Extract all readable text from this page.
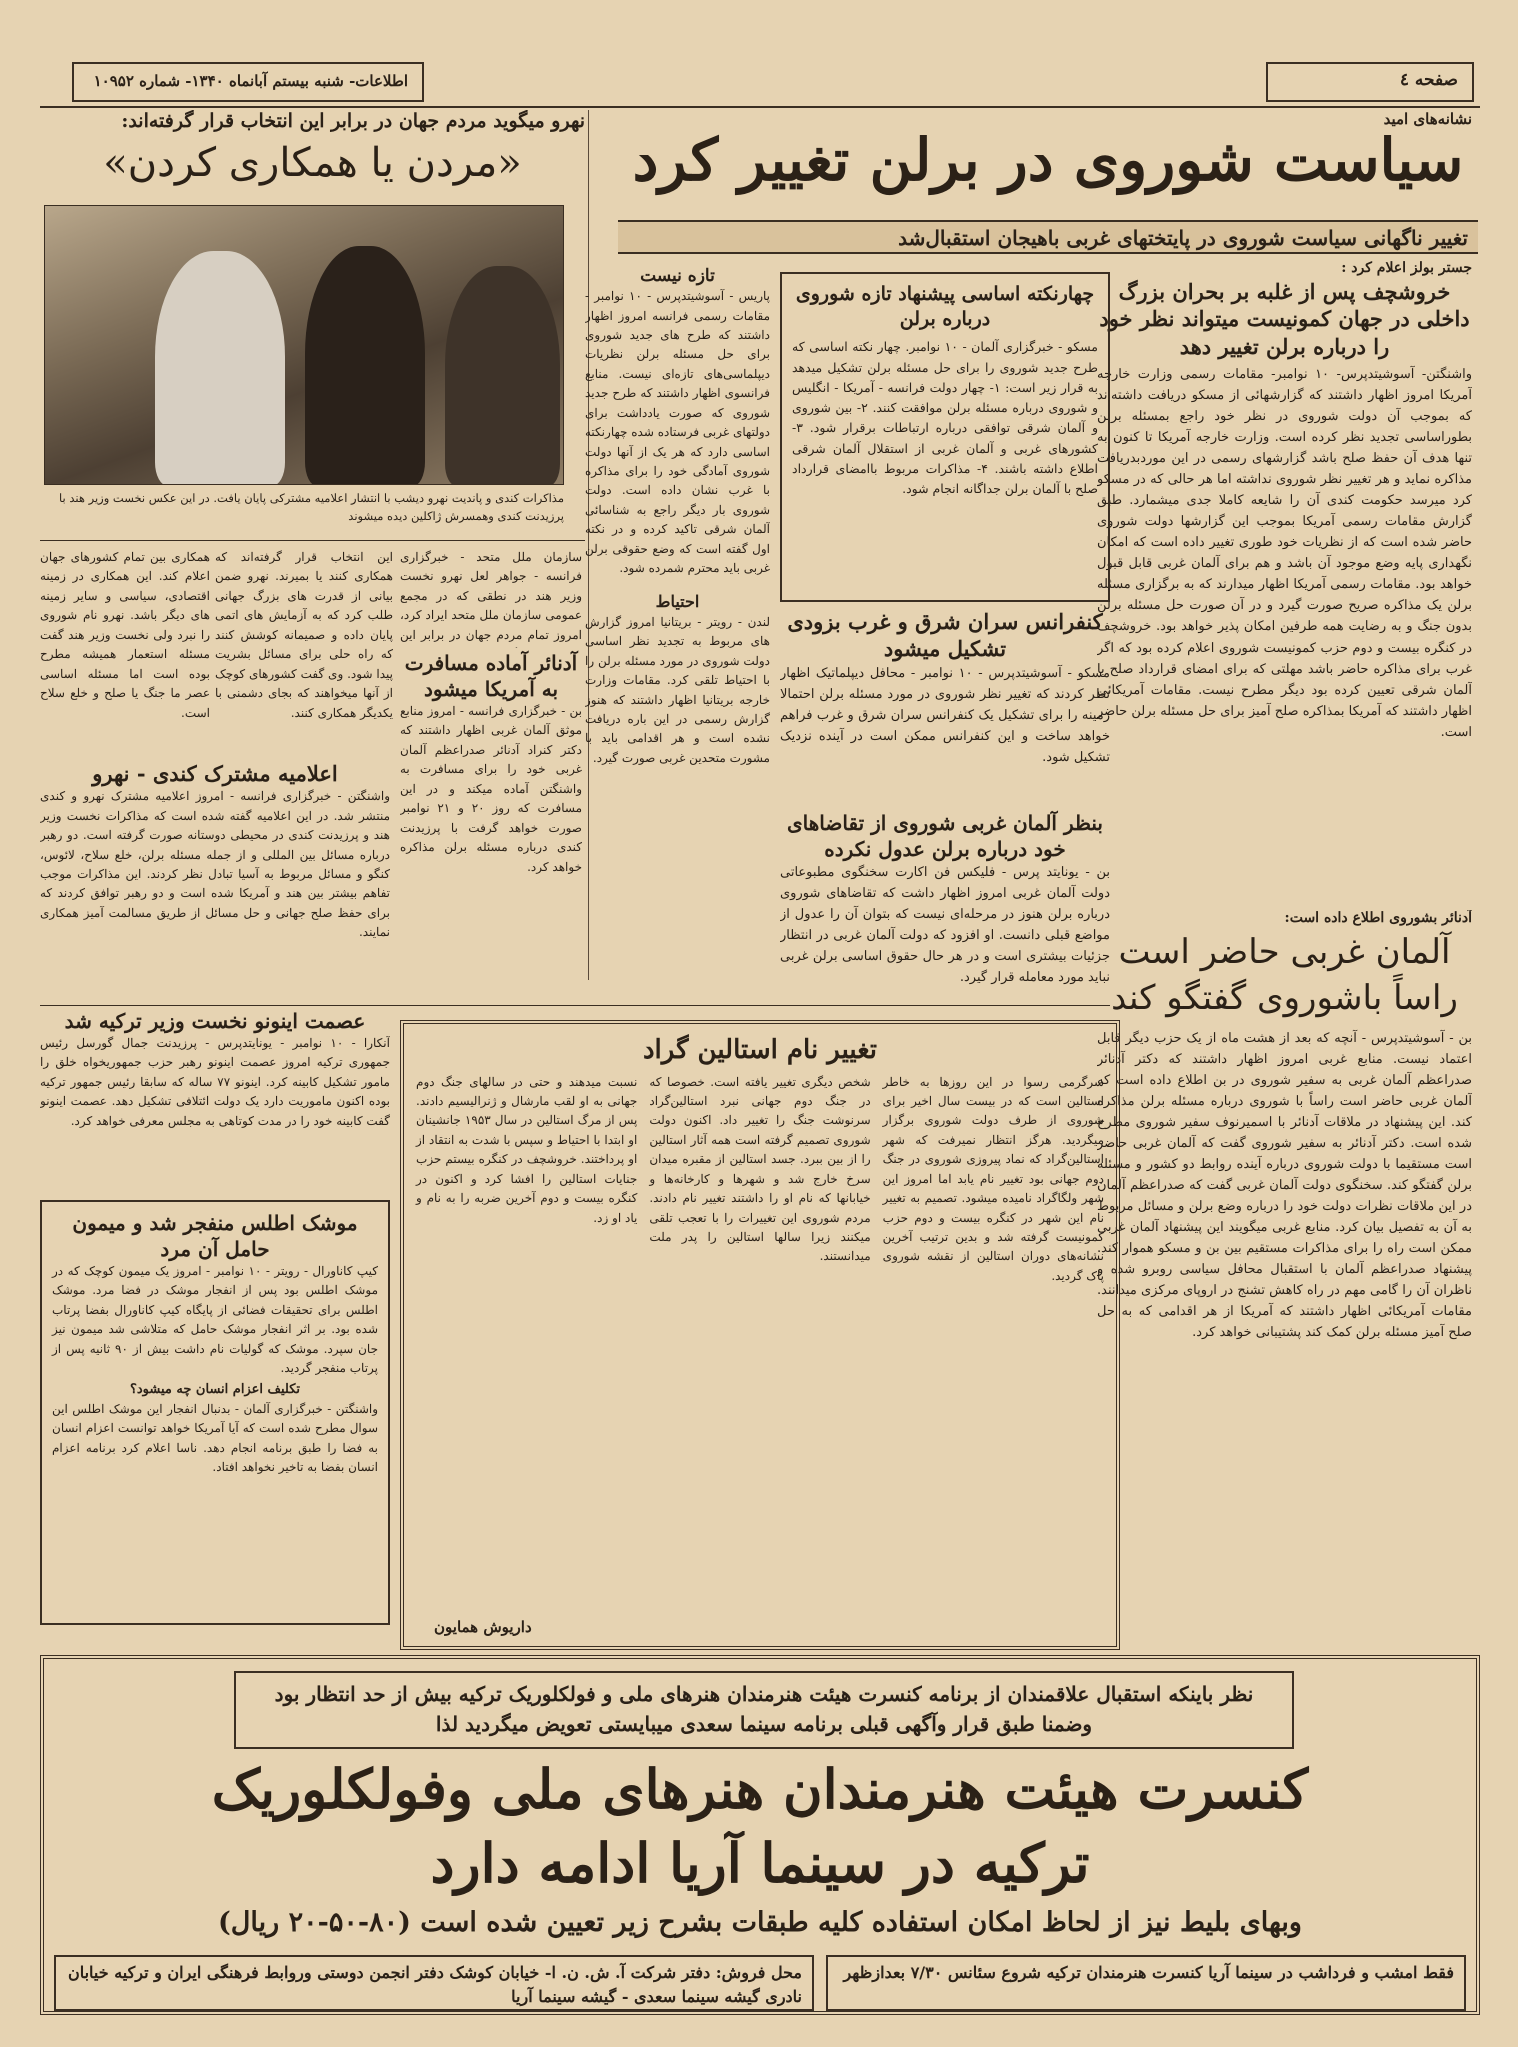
صفحه ٤
اطلاعات- شنبه بیستم آبانماه ۱۳۴۰- شماره ۱۰۹۵۲
نشانه‌های امید
سیاست شوروی در برلن تغییر کرد
تغییر ناگهانی سیاست شوروی در پایتختهای غربی باهیجان استقبال‌شد
جستر بولز اعلام کرد :
خروشچف پس از غلبه بر بحران بزرگ داخلی در جهان کمونیست میتواند نظر خود را درباره برلن تغییر دهد
واشنگتن- آسوشیتدپرس- ۱۰ نوامبر- مقامات رسمی وزارت خارجه آمریکا امروز اظهار داشتند که گزارشهائی از مسکو دریافت داشته‌اند که بموجب آن دولت شوروی در نظر خود راجع بمسئله برلن بطوراساسی تجدید نظر کرده است. وزارت خارجه آمریکا تا کنون به تنها هدف آن حفظ صلح باشد گزارشهای رسمی در این موردبدریافت مذاکره نماید و هر تغییر نظر شوروی نداشته اما هر حالی که در مسکو کرد میرسد حکومت کندی آن را شایعه کاملا جدی میشمارد. طبق گزارش مقامات رسمی آمریکا بموجب این گزارشها دولت شوروی حاضر شده است که از نظریات خود طوری تغییر داده است که امکان نگهداری پایه وضع موجود آن باشد و هم برای آلمان غربی قابل قبول خواهد بود. مقامات رسمی آمریکا اظهار میدارند که به برگزاری مسئله برلن یک مذاکره صریح صورت گیرد و در آن صورت حل مسئله برلن بدون جنگ و به رضایت همه طرفین امکان پذیر خواهد بود. خروشچف در کنگره بیست و دوم حزب کمونیست شوروی اعلام کرده بود که اگر غرب برای مذاکره حاضر باشد مهلتی که برای امضای قرارداد صلح با آلمان شرقی تعیین کرده بود دیگر مطرح نیست. مقامات آمریکائی اظهار داشتند که آمریکا بمذاکره صلح آمیز برای حل مسئله برلن حاضر است.
چهارنکته اساسی پیشنهاد تازه شوروی درباره برلن
مسکو - خبرگزاری آلمان - ۱۰ نوامبر. چهار نکته اساسی که طرح جدید شوروی را برای حل مسئله برلن تشکیل میدهد به قرار زیر است: ۱- چهار دولت فرانسه - آمریکا - انگلیس و شوروی درباره مسئله برلن موافقت کنند. ۲- بین شوروی و آلمان شرقی توافقی درباره ارتباطات برقرار شود. ۳- کشورهای غربی و آلمان غربی از استقلال آلمان شرقی اطلاع داشته باشند. ۴- مذاکرات مربوط باامضای قرارداد صلح با آلمان برلن جداگانه انجام شود.
تازه نیست
پاریس - آسوشیتدپرس - ۱۰ نوامبر - مقامات رسمی فرانسه امروز اظهار داشتند که طرح های جدید شوروی برای حل مسئله برلن نظریات دیپلماسی‌های تازه‌ای نیست. منابع فرانسوی اظهار داشتند که طرح جدید شوروی که صورت یادداشت برای دولتهای غربی فرستاده شده چهارنکته اساسی دارد که هر یک از آنها دولت شوروی آمادگی خود را برای مذاکره با غرب نشان داده است. دولت شوروی بار دیگر راجع به شناسائی آلمان شرقی تاکید کرده و در نکته اول گفته است که وضع حقوقی برلن غربی باید محترم شمرده شود.
کنفرانس سران شرق و غرب بزودی تشکیل میشود
مسکو - آسوشیتدپرس - ۱۰ نوامبر - محافل دیپلماتیک اظهار نظر کردند که تغییر نظر شوروی در مورد مسئله برلن احتمالا زمینه را برای تشکیل یک کنفرانس سران شرق و غرب فراهم خواهد ساخت و این کنفرانس ممکن است در آینده نزدیک تشکیل شود.
احتیاط
لندن - رویتر - بریتانیا امروز گزارش های مربوط به تجدید نظر اساسی دولت شوروی در مورد مسئله برلن را با احتیاط تلقی کرد. مقامات وزارت خارجه بریتانیا اظهار داشتند که هنوز گزارش رسمی در این باره دریافت نشده است و هر اقدامی باید با مشورت متحدین غربی صورت گیرد.
بنظر آلمان غربی شوروی از تقاضاهای خود درباره برلن عدول نکرده
بن - یونایتد پرس - فلیکس فن اکارت سخنگوی مطبوعاتی دولت آلمان غربی امروز اظهار داشت که تقاضاهای شوروی درباره برلن هنوز در مرحله‌ای نیست که بتوان آن را عدول از مواضع قبلی دانست. او افزود که دولت آلمان غربی در انتظار جزئیات بیشتری است و در هر حال حقوق اساسی برلن غربی نباید مورد معامله قرار گیرد.
آدنائر آماده مسافرت به آمریکا میشود
بن - خبرگزاری فرانسه - امروز منابع موثق آلمان غربی اظهار داشتند که دکتر کنراد آدنائر صدراعظم آلمان غربی خود را برای مسافرت به واشنگتن آماده میکند و در این مسافرت که روز ۲۰ و ۲۱ نوامبر صورت خواهد گرفت با پرزیدنت کندی درباره مسئله برلن مذاکره خواهد کرد.
آدنائر بشوروی اطلاع داده است:
آلمان غربی حاضر است راساً باشوروی گفتگو کند
بن - آسوشیتدپرس - آنچه که بعد از هشت ماه از یک حزب دیگر قابل اعتماد نیست. منابع غربی امروز اظهار داشتند که دکتر آدنائر صدراعظم آلمان غربی به سفیر شوروی در بن اطلاع داده است که آلمان غربی حاضر است راساً با شوروی درباره مسئله برلن مذاکره کند. این پیشنهاد در ملاقات آدنائر با اسمیرنوف سفیر شوروی مطرح شده است. دکتر آدنائر به سفیر شوروی گفت که آلمان غربی حاضر است مستقیما با دولت شوروی درباره آینده روابط دو کشور و مسئله برلن گفتگو کند. سخنگوی دولت آلمان غربی گفت که صدراعظم آلمان در این ملاقات نظرات دولت خود را درباره وضع برلن و مسائل مربوط به آن به تفصیل بیان کرد. منابع غربی میگویند این پیشنهاد آلمان غربی ممکن است راه را برای مذاکرات مستقیم بین بن و مسکو هموار کند. پیشنهاد صدراعظم آلمان با استقبال محافل سیاسی روبرو شده و ناظران آن را گامی مهم در راه کاهش تشنج در اروپای مرکزی میدانند. مقامات آمریکائی اظهار داشتند که آمریکا از هر اقدامی که به حل صلح آمیز مسئله برلن کمک کند پشتیبانی خواهد کرد.
نهرو میگوید مردم جهان در برابر این انتخاب قرار گرفته‌اند:
«مردن یا همکاری کردن»
مذاکرات کندی و پاندیت نهرو دیشب با انتشار اعلامیه مشترکی پایان یافت. در این عکس نخست وزیر هند با پرزیدنت کندی وهمسرش ژاکلین دیده میشوند
سازمان ملل متحد - خبرگزاری فرانسه - جواهر لعل نهرو نخست وزیر هند در نطقی که در مجمع عمومی سازمان ملل متحد ایراد کرد، امروز تمام مردم جهان در برابر این
این انتخاب قرار گرفته‌اند که همکاری کنند یا بمیرند. نهرو ضمن بیانی از قدرت های بزرگ جهانی طلب کرد که به آزمایش های اتمی پایان داده و صمیمانه کوشش کنند که راه حلی برای مسائل بشریت پیدا شود. وی گفت کشورهای کوچک از آنها میخواهند که بجای دشمنی با یکدیگر همکاری کنند.
همکاری بین تمام کشورهای جهان اعلام کند. این همکاری در زمینه اقتصادی، سیاسی و سایر زمینه های دیگر باشد. نهرو نام شوروی را نبرد ولی نخست وزیر هند گفت مسئله استعمار همیشه مطرح بوده است اما مسئله اساسی عصر ما جنگ یا صلح و خلع سلاح است.
اعلامیه مشترک کندی - نهرو
واشنگتن - خبرگزاری فرانسه - امروز اعلامیه مشترک نهرو و کندی منتشر شد. در این اعلامیه گفته شده است که مذاکرات نخست وزیر هند و پرزیدنت کندی در محیطی دوستانه صورت گرفته است. دو رهبر درباره مسائل بین المللی و از جمله مسئله برلن، خلع سلاح، لائوس، کنگو و مسائل مربوط به آسیا تبادل نظر کردند. این مذاکرات موجب تفاهم بیشتر بین هند و آمریکا شده است و دو رهبر توافق کردند که برای حفظ صلح جهانی و حل مسائل از طریق مسالمت آمیز همکاری نمایند.
عصمت اینونو نخست وزیر ترکیه شد
آنکارا - ۱۰ نوامبر - یونایتدپرس - پرزیدنت جمال گورسل رئیس جمهوری ترکیه امروز عصمت اینونو رهبر حزب جمهوریخواه خلق را مامور تشکیل کابینه کرد. اینونو ۷۷ ساله که سابقا رئیس جمهور ترکیه بوده اکنون ماموریت دارد یک دولت ائتلافی تشکیل دهد. عصمت اینونو گفت کابینه خود را در مدت کوتاهی به مجلس معرفی خواهد کرد.
موشک اطلس منفجر شد و میمون حامل آن مرد
کیپ کاناورال - رویتر - ۱۰ نوامبر - امروز یک میمون کوچک که در موشک اطلس بود پس از انفجار موشک در فضا مرد. موشک اطلس برای تحقیقات فضائی از پایگاه کیپ کاناورال بفضا پرتاب شده بود. بر اثر انفجار موشک حامل که متلاشی شد میمون نیز جان سپرد. موشک که گولیات نام داشت بیش از ۹۰ ثانیه پس از پرتاب منفجر گردید.
تکلیف اعزام انسان چه میشود؟
واشنگتن - خبرگزاری آلمان - بدنبال انفجار این موشک اطلس این سوال مطرح شده است که آیا آمریکا خواهد توانست اعزام انسان به فضا را طبق برنامه انجام دهد. ناسا اعلام کرد برنامه اعزام انسان بفضا به تاخیر نخواهد افتاد.
تغییر نام استالین گراد
سرگرمی رسوا در این روزها به خاطر استالین است که در بیست سال اخیر برای شوروی از طرف دولت شوروی برگزار میگردید. هرگز انتظار نمیرفت که شهر استالین‌گراد که نماد پیروزی شوروی در جنگ دوم جهانی بود تغییر نام یابد اما امروز این شهر ولگاگراد نامیده میشود. تصمیم به تغییر نام این شهر در کنگره بیست و دوم حزب کمونیست گرفته شد و بدین ترتیب آخرین نشانه‌های دوران استالین از نقشه شوروی پاک گردید.
شخص دیگری تغییر یافته است. خصوصا که در جنگ دوم جهانی نبرد استالین‌گراد سرنوشت جنگ را تغییر داد. اکنون دولت شوروی تصمیم گرفته است همه آثار استالین را از بین ببرد. جسد استالین از مقبره میدان سرخ خارج شد و شهرها و کارخانه‌ها و خیابانها که نام او را داشتند تغییر نام دادند. مردم شوروی این تغییرات را با تعجب تلقی میکنند زیرا سالها استالین را پدر ملت میدانستند.
نسبت میدهند و حتی در سالهای جنگ دوم جهانی به او لقب مارشال و ژنرالیسیم دادند. پس از مرگ استالین در سال ۱۹۵۳ جانشینان او ابتدا با احتیاط و سپس با شدت به انتقاد از او پرداختند. خروشچف در کنگره بیستم حزب جنایات استالین را افشا کرد و اکنون در کنگره بیست و دوم آخرین ضربه را به نام و یاد او زد.
داریوش همایون
نظر باینکه استقبال علاقمندان از برنامه کنسرت هیئت هنرمندان هنرهای ملی و فولکلوریک ترکیه بیش از حد انتظار بود وضمنا طبق قرار وآگهی قبلی برنامه سینما سعدی میبایستی تعویض میگردید لذا
کنسرت هیئت هنرمندان هنرهای ملی وفولکلوریک
ترکیه در سینما آریا ادامه دارد
وبهای بلیط نیز از لحاظ امکان استفاده کلیه طبقات بشرح زیر تعیین شده است (۸۰-۵۰-۲۰ ریال)
فقط امشب و فرداشب در سینما آریا کنسرت هنرمندان ترکیه شروع سئانس ۷/۳۰ بعدازظهر
محل فروش: دفتر شرکت آ. ش. ن. ا- خیابان کوشک دفتر انجمن دوستی وروابط فرهنگی ایران و ترکیه خیابان نادری گیشه سینما سعدی - گیشه سینما آریا
